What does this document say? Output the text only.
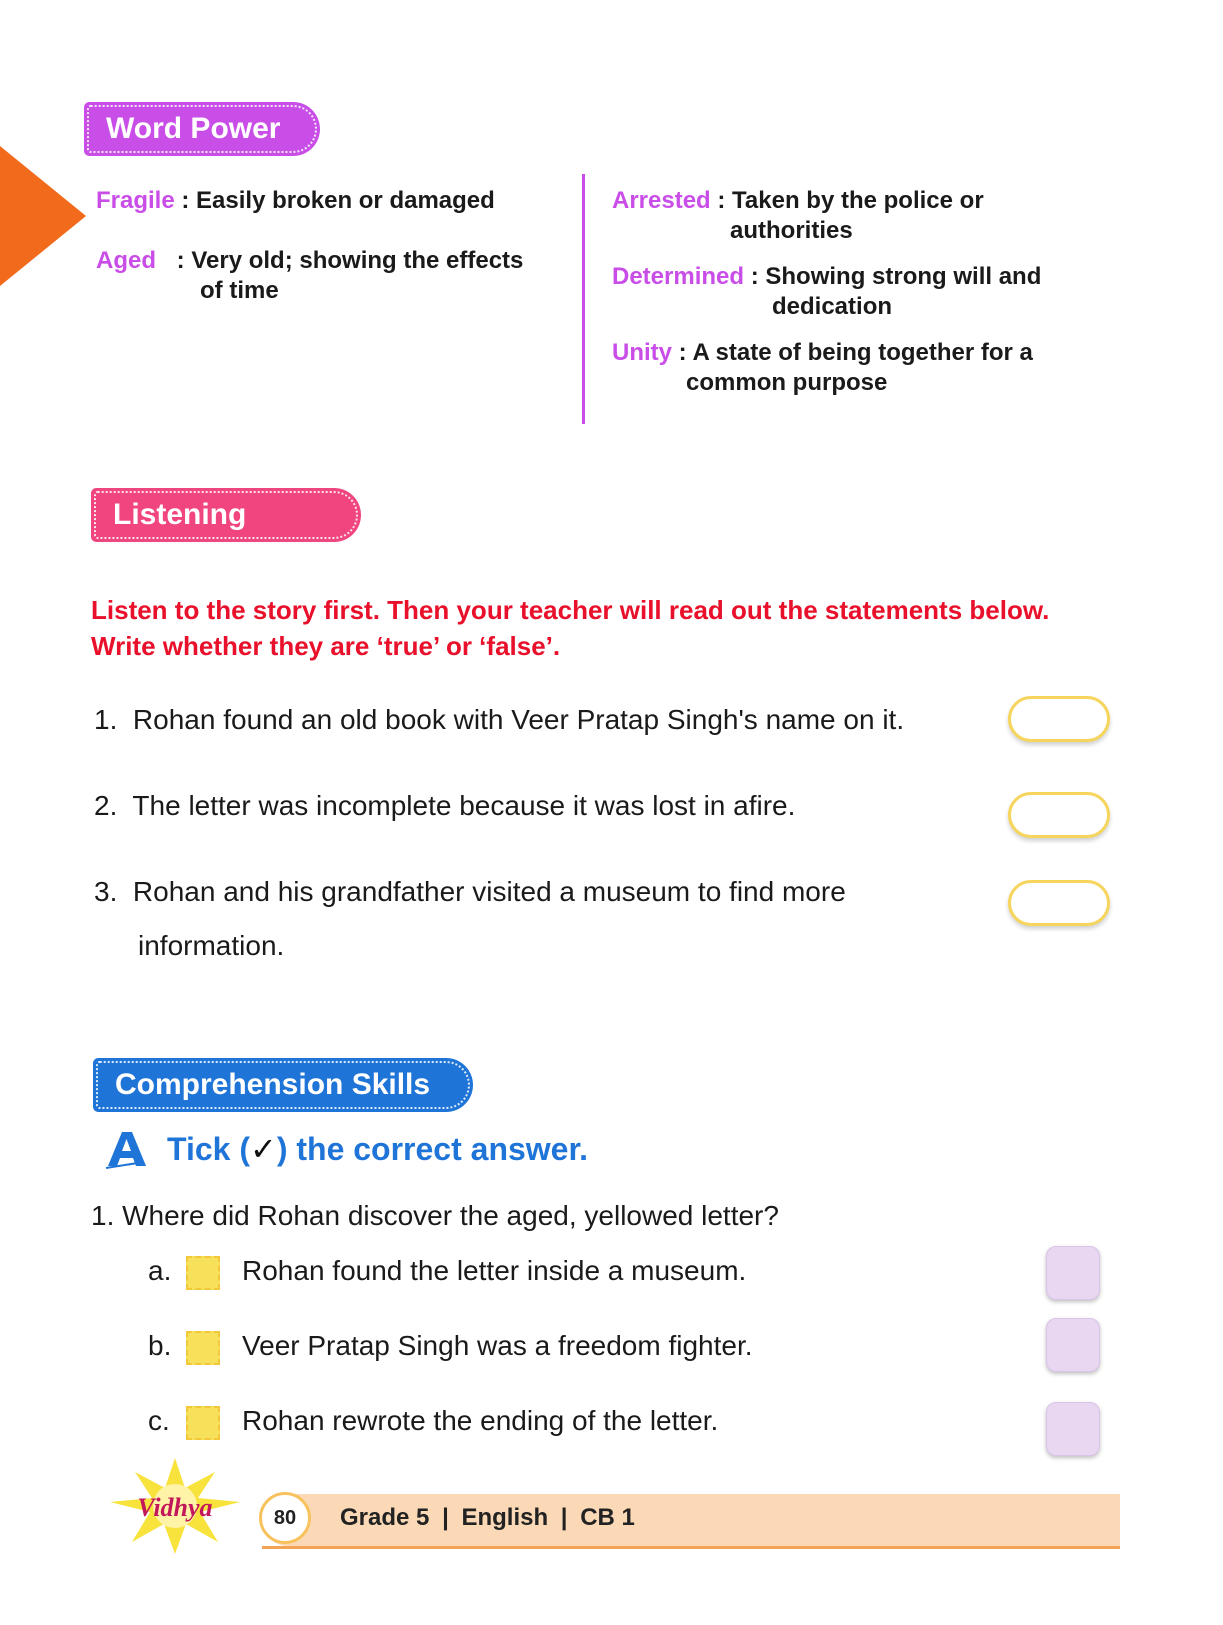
Word Power
Fragile : Easily broken or damaged
Aged : Very old; showing the effects
of time
Arrested : Taken by the police or
authorities
Determined : Showing strong will and
dedication
Unity : A state of being together for a
common purpose
Listening Skills
Listen to the story first. Then your teacher will read out the statements below.
Write whether they are ‘true’ or ‘false’.
1. Rohan found an old book with Veer Pratap Singh's name on it.
2. The letter was incomplete because it was lost in afire.
3. Rohan and his grandfather visited a museum to find more
information.
Comprehension Skills
Tick (✓) the correct answer.
1. Where did Rohan discover the aged, yellowed letter?
a.	Rohan found the letter inside a museum.
b.	Veer Pratap Singh was a freedom fighter.
c.	Rohan rewrote the ending of the letter.
Vidhya	80	Grade 5 | English | CB 1
